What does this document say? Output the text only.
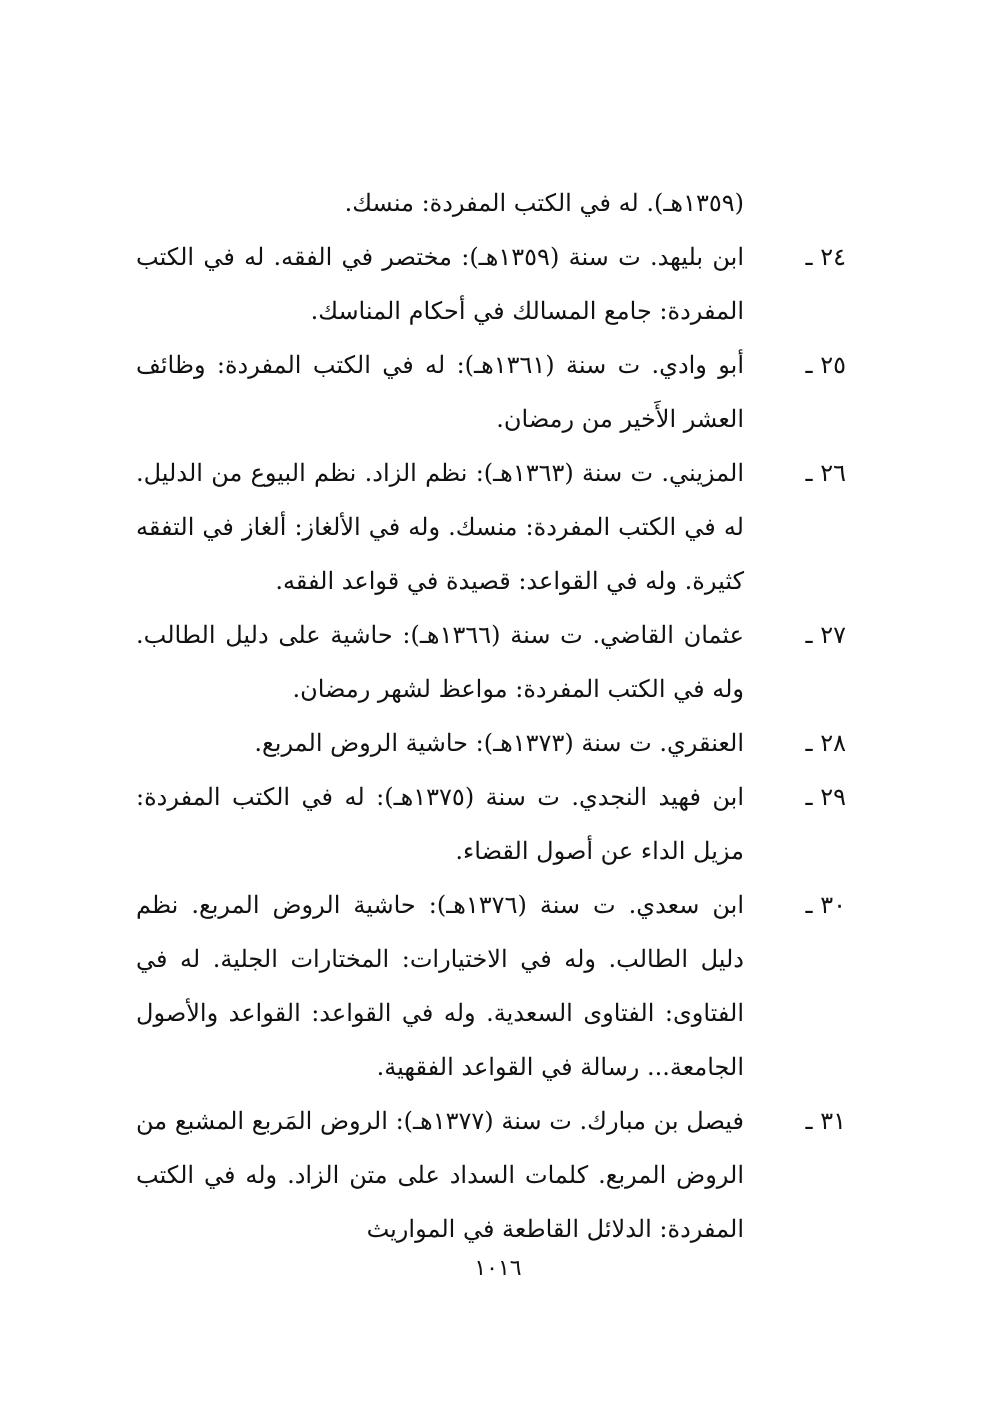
(١٣٥٩هـ). له في الكتب المفردة: منسك.
٢٤ ـ
ابن بليهد. ت سنة (١٣٥٩هـ): مختصر في الفقه. له في الكتب المفردة: جامع المسالك في أحكام المناسك.
٢٥ ـ
أبو وادي. ت سنة (١٣٦١هـ): له في الكتب المفردة: وظائف العشر الأَخير من رمضان.
٢٦ ـ
المزيني. ت سنة (١٣٦٣هـ): نظم الزاد. نظم البيوع من الدليل. له في الكتب المفردة: منسك. وله في الألغاز: ألغاز في التفقه كثيرة. وله في القواعد: قصيدة في قواعد الفقه.
٢٧ ـ
عثمان القاضي. ت سنة (١٣٦٦هـ): حاشية على دليل الطالب. وله في الكتب المفردة: مواعظ لشهر رمضان.
٢٨ ـ
العنقري. ت سنة (١٣٧٣هـ): حاشية الروض المربع.
٢٩ ـ
ابن فهيد النجدي. ت سنة (١٣٧٥هـ): له في الكتب المفردة: مزيل الداء عن أصول القضاء.
٣٠ ـ
ابن سعدي. ت سنة (١٣٧٦هـ): حاشية الروض المربع. نظم دليل الطالب. وله في الاختيارات: المختارات الجلية. له في الفتاوى: الفتاوى السعدية. وله في القواعد: القواعد والأصول الجامعة... رسالة في القواعد الفقهية.
٣١ ـ
فيصل بن مبارك. ت سنة (١٣٧٧هـ): الروض المَربع المشبع من الروض المربع. كلمات السداد على متن الزاد. وله في الكتب المفردة: الدلائل القاطعة في المواريث
١٠١٦
